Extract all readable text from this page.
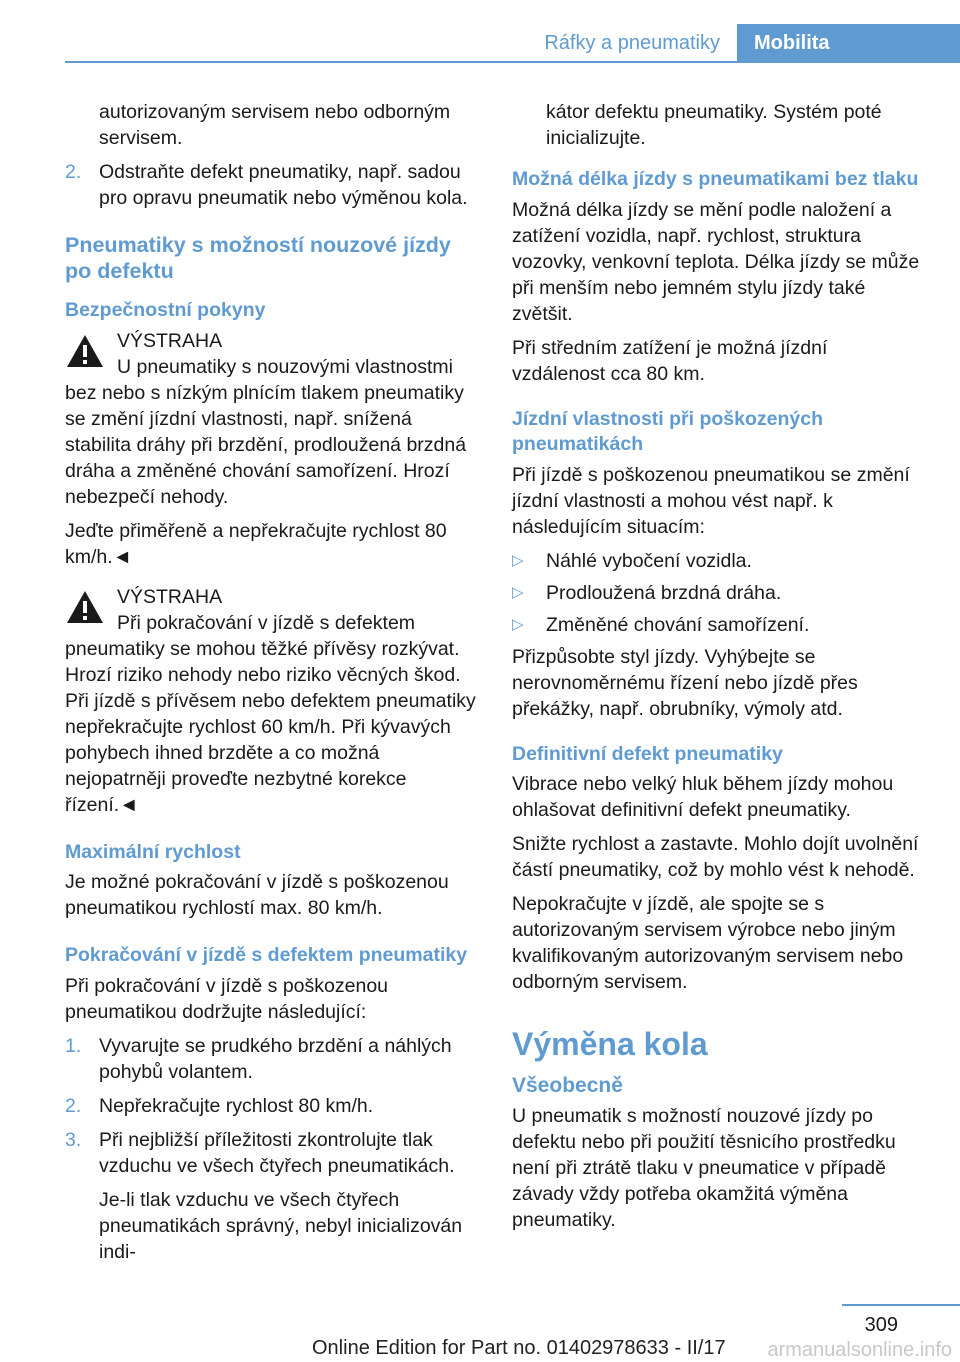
Ráfky a pneumatiky	Mobilita

autorizovaným servisem nebo odborným servisem.

2. Odstraňte defekt pneumatiky, např. sadou pro opravu pneumatik nebo výměnou kola.

Pneumatiky s možností nouzové jízdy po defektu
Bezpečnostní pokyny

VÝSTRAHA

U pneumatiky s nouzovými vlastnostmi bez nebo s nízkým plnícím tlakem pneumatiky se změní jízdní vlastnosti, např. snížená stabilita dráhy při brzdění, prodloužená brzdná dráha a změněné chování samořízení. Hrozí nebezpečí nehody.

Jeďte přiměřeně a nepřekračujte rychlost 80 km/h.◄

VÝSTRAHA

Při pokračování v jízdě s defektem pneumatiky se mohou těžké přívěsy rozkývat. Hrozí riziko nehody nebo riziko věcných škod. Při jízdě s přívěsem nebo defektem pneumatiky nepřekračujte rychlost 60 km/h. Při kývavých pohybech ihned brzděte a co možná nejopatrněji proveďte nezbytné korekce řízení.◄

Maximální rychlost

Je možné pokračování v jízdě s poškozenou pneumatikou rychlostí max. 80 km/h.

Pokračování v jízdě s defektem pneumatiky

Při pokračování v jízdě s poškozenou pneumatikou dodržujte následující:

1. Vyvarujte se prudkého brzdění a náhlých pohybů volantem.

2. Nepřekračujte rychlost 80 km/h.

3. Při nejbližší příležitosti zkontrolujte tlak vzduchu ve všech čtyřech pneumatikách.

Je-li tlak vzduchu ve všech čtyřech pneumatikách správný, nebyl inicializován indi-

kátor defektu pneumatiky. Systém poté inicializujte.

Možná délka jízdy s pneumatikami bez tlaku

Možná délka jízdy se mění podle naložení a zatížení vozidla, např. rychlost, struktura vozovky, venkovní teplota. Délka jízdy se může při menším nebo jemném stylu jízdy také zvětšit.

Při středním zatížení je možná jízdní vzdálenost cca 80 km.

Jízdní vlastnosti při poškozených pneumatikách

Při jízdě s poškozenou pneumatikou se změní jízdní vlastnosti a mohou vést např. k následujícím situacím:

▷ Náhlé vybočení vozidla.

▷ Prodloužená brzdná dráha.

▷ Změněné chování samořízení.

Přizpůsobte styl jízdy. Vyhýbejte se nerovnoměrnému řízení nebo jízdě přes překážky, např. obrubníky, výmoly atd.

Definitivní defekt pneumatiky

Vibrace nebo velký hluk během jízdy mohou ohlašovat definitivní defekt pneumatiky.

Snižte rychlost a zastavte. Mohlo dojít uvolnění částí pneumatiky, což by mohlo vést k nehodě.

Nepokračujte v jízdě, ale spojte se s autorizovaným servisem výrobce nebo jiným kvalifikovaným autorizovaným servisem nebo odborným servisem.

Výměna kola
Všeobecně

U pneumatik s možností nouzové jízdy po defektu nebo při použití těsnicího prostředku není při ztrátě tlaku v pneumatice v případě závady vždy potřeba okamžitá výměna pneumatiky.

309
Online Edition for Part no. 01402978633 - II/17 armanualsonline.info
